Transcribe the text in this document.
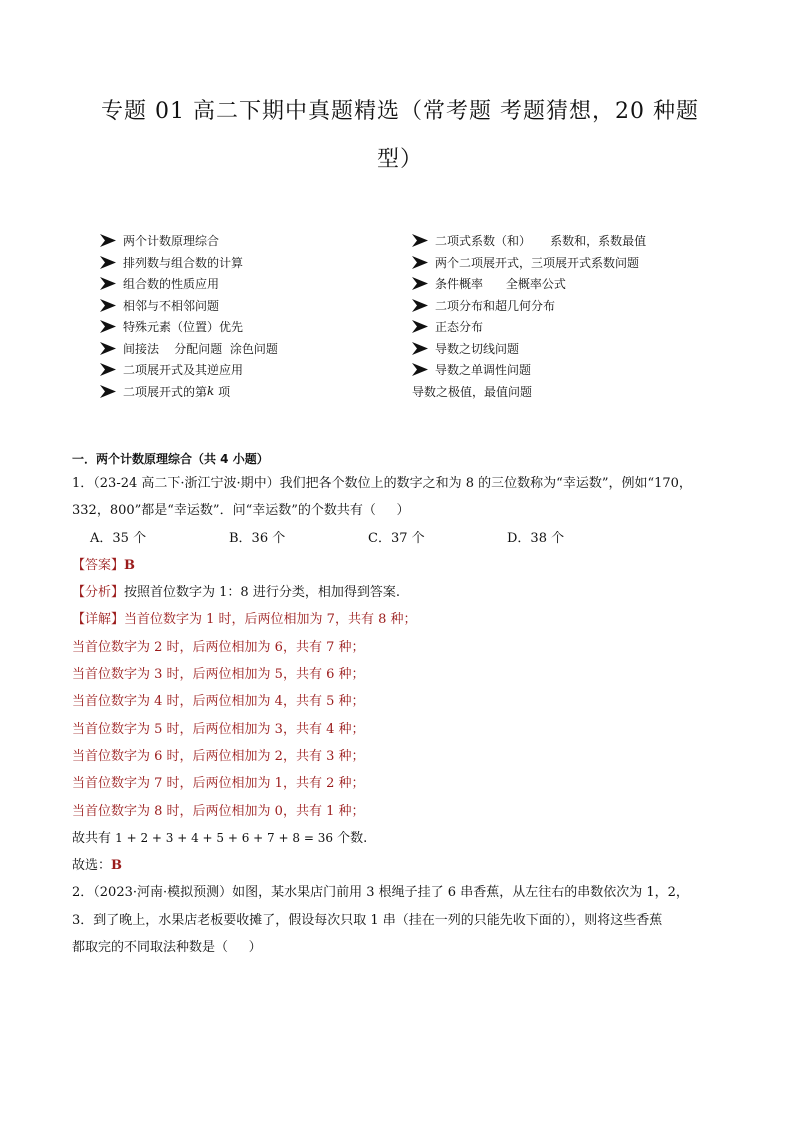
专题 01 高二下期中真题精选（常考题 考题猜想，20 种题
型）
两个计数原理综合
排列数与组合数的计算
组合数的性质应用
相邻与不相邻问题
特殊元素（位置）优先
间接法    分配问题  涂色问题
二项展开式及其逆应用
二项展开式的第 k 项
二项式系数（和）     系数和，系数最值
两个二项展开式，三项展开式系数问题
条件概率      全概率公式
二项分布和超几何分布
正态分布
导数之切线问题
导数之单调性问题
导数之极值，最值问题
一．两个计数原理综合（共 4 小题）
1．（23-24 高二下·浙江宁波·期中）我们把各个数位上的数字之和为 8 的三位数称为“幸运数”，例如“170，
332，800”都是“幸运数”．问“幸运数”的个数共有（     ）
A．35 个	B．36 个	C．37 个	D．38 个
【答案】B
【分析】按照首位数字为 1：8 进行分类，相加得到答案.
【详解】当首位数字为 1 时，后两位相加为 7，共有 8 种；
当首位数字为 2 时，后两位相加为 6，共有 7 种；
当首位数字为 3 时，后两位相加为 5，共有 6 种；
当首位数字为 4 时，后两位相加为 4，共有 5 种；
当首位数字为 5 时，后两位相加为 3，共有 4 种；
当首位数字为 6 时，后两位相加为 2，共有 3 种；
当首位数字为 7 时，后两位相加为 1，共有 2 种；
当首位数字为 8 时，后两位相加为 0，共有 1 种；
故共有 1 + 2 + 3 + 4 + 5 + 6 + 7 + 8 = 36 个数.
故选：B
2．（2023·河南·模拟预测）如图，某水果店门前用 3 根绳子挂了 6 串香蕉，从左往右的串数依次为 1，2，
3．到了晚上，水果店老板要收摊了，假设每次只取 1 串（挂在一列的只能先收下面的），则将这些香蕉
都取完的不同取法种数是（     ）
